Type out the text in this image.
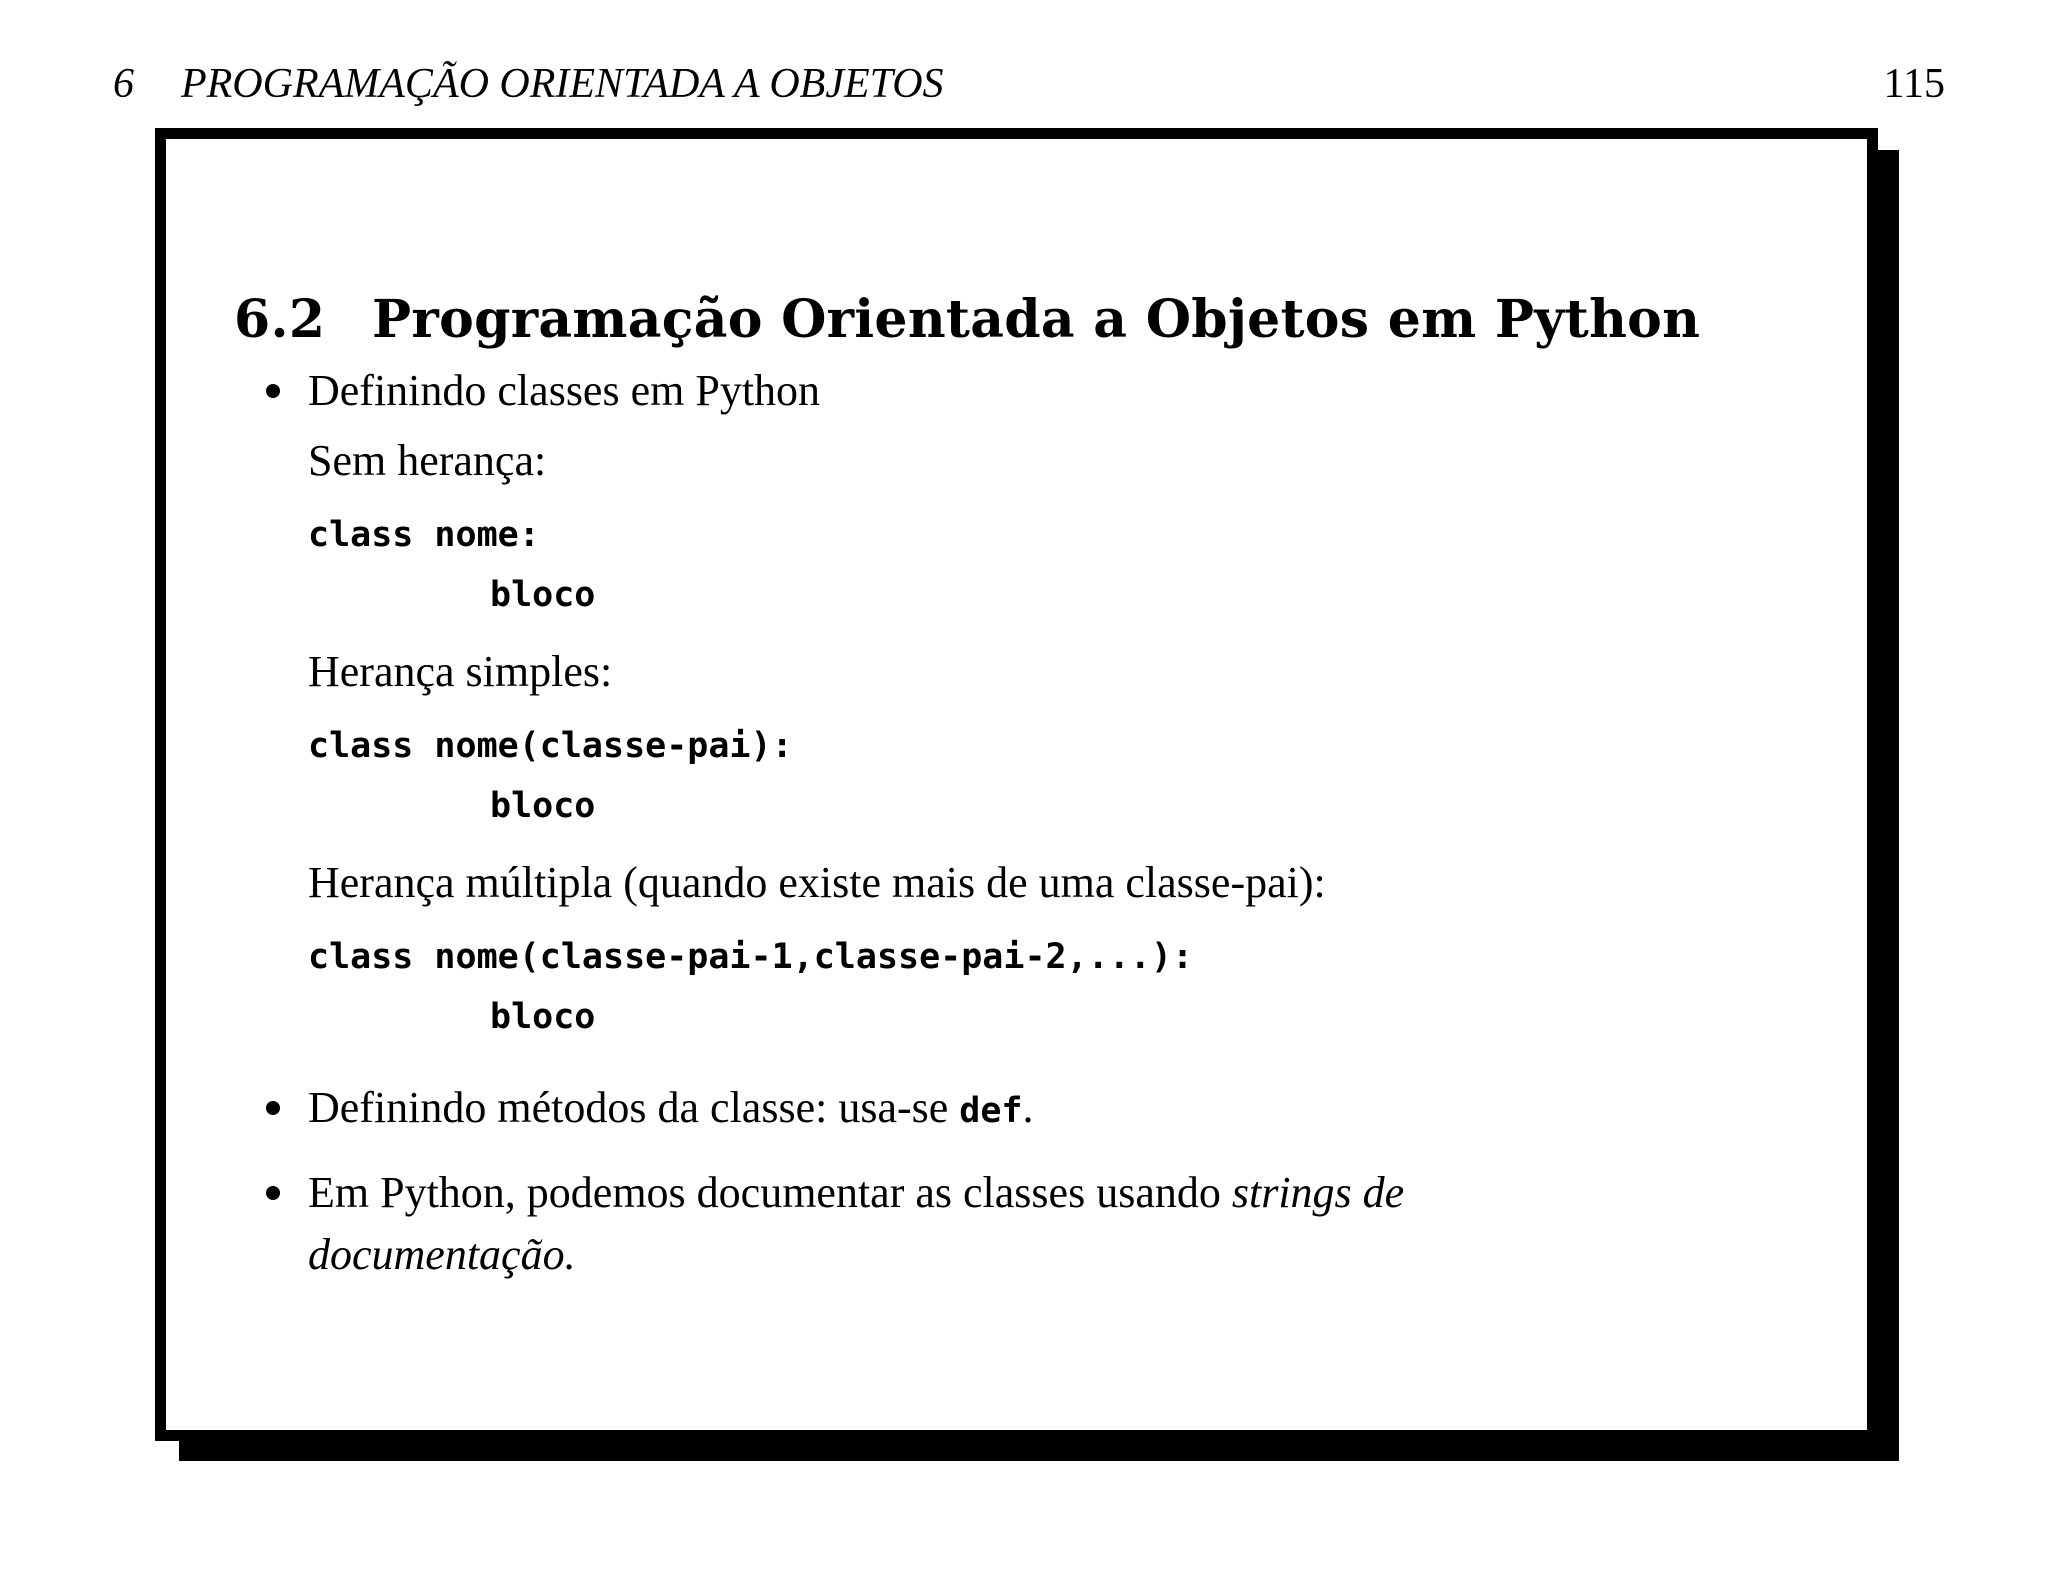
6 PROGRAMAÇÃO ORIENTADA A OBJETOS	115
6.2 Programação Orientada a Objetos em Python
Definindo classes em Python
Sem herança:
class nome:
bloco
Herança simples:
class nome(classe-pai):
bloco
Herança múltipla (quando existe mais de uma classe-pai):
class nome(classe-pai-1,classe-pai-2,...):
bloco
Definindo métodos da classe: usa-se def.
Em Python, podemos documentar as classes usando strings de
documentação.
